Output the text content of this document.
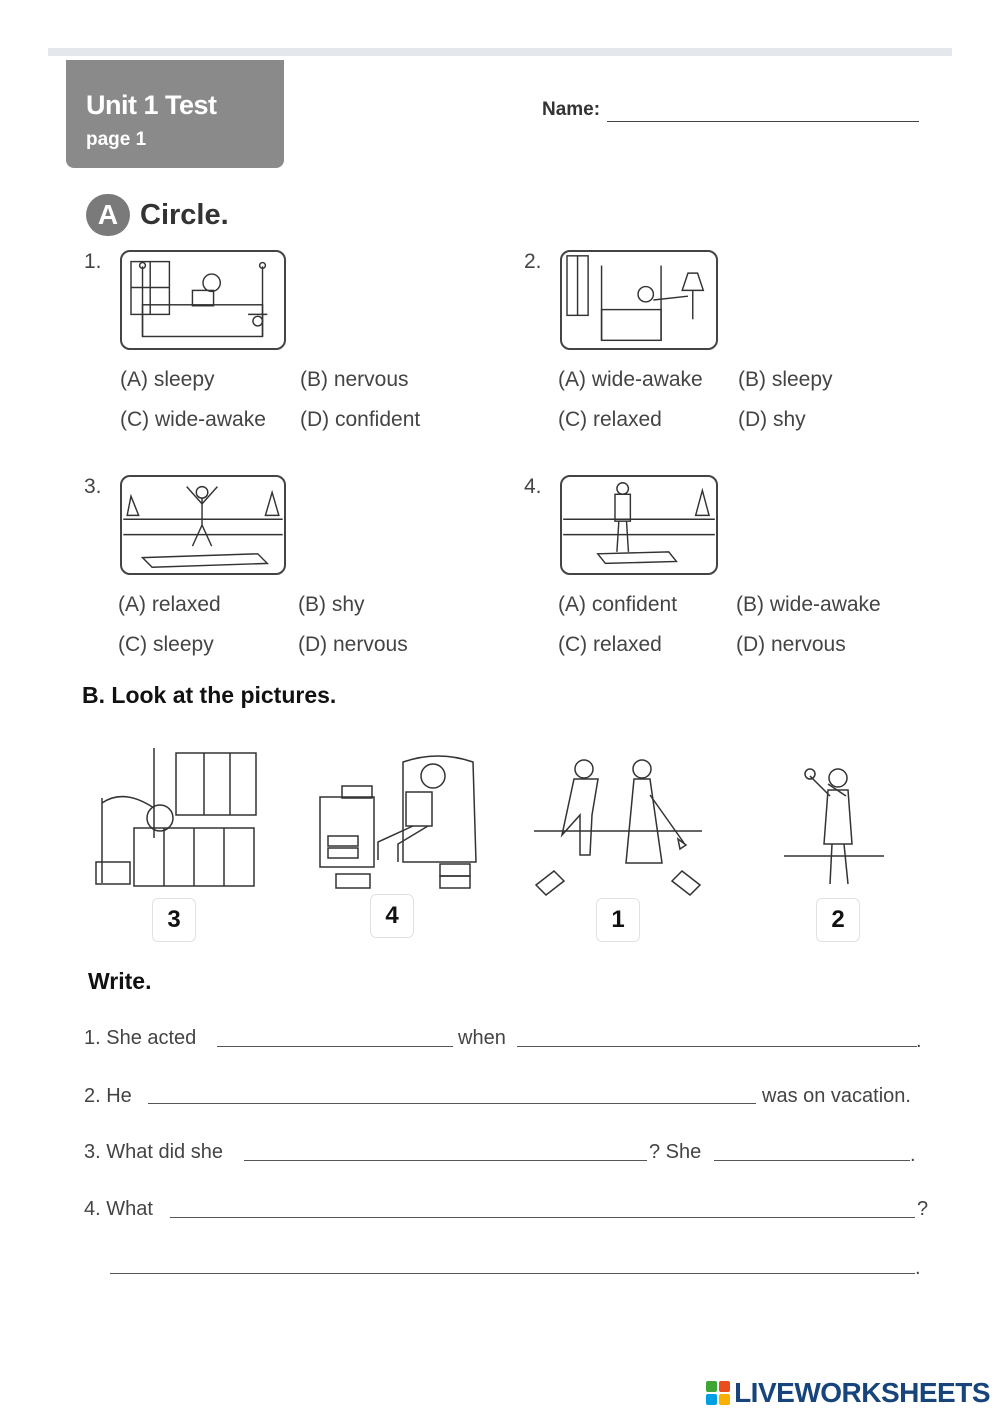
Unit 1 Test
page 1
Name:
A Circle.
1.
(A) sleepy	(B) nervous
(C) wide-awake (D) confident
2.
(A) wide-awake (B) sleepy
(C) relaxed	(D) shy
3.
(A) relaxed	(B) shy
(C) sleepy	(D) nervous
4.
(A) confident	(B) wide-awake
(C) relaxed	(D) nervous
B. Look at the pictures.
3	4	1	2
Write.
1. She acted	when	.
2. He	was on vacation.
3. What did she	? She	.
4. What	?
.
LIVEWORKSHEETS
